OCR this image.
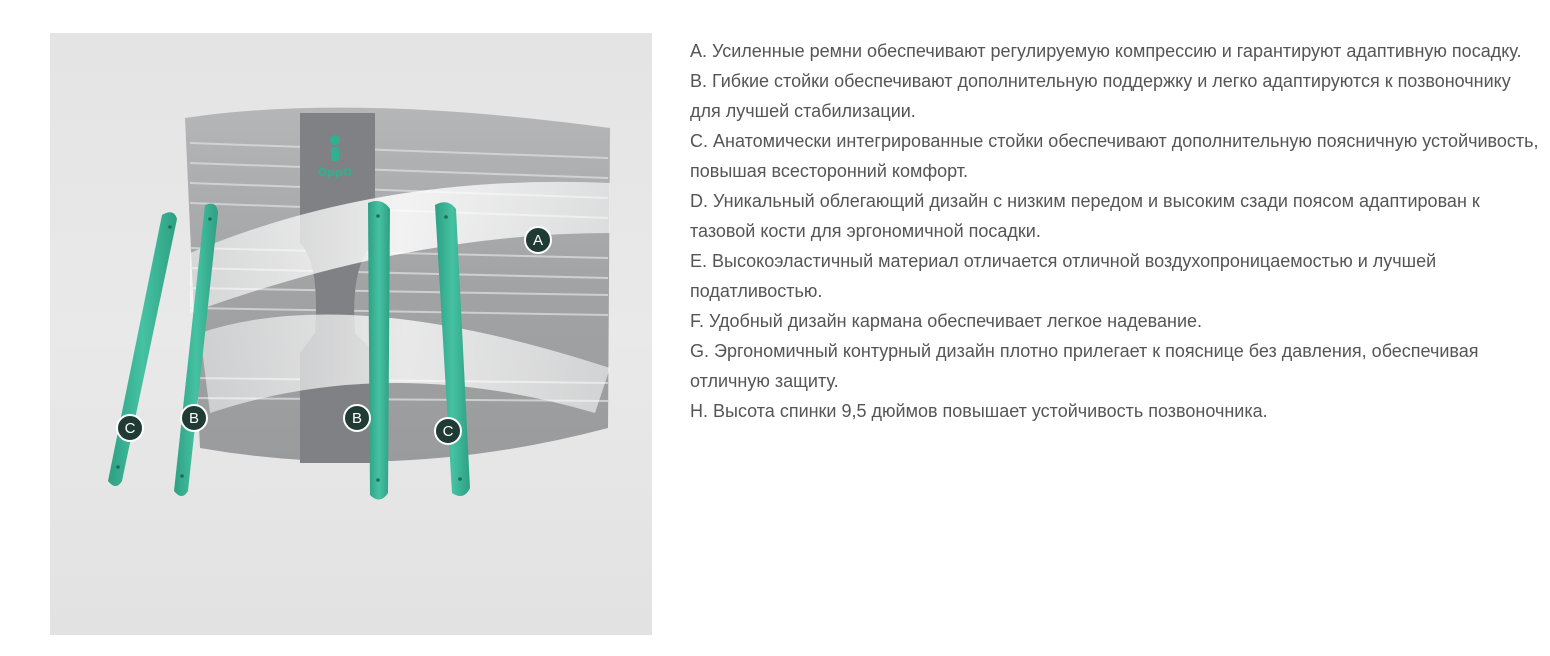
OppO
A
B
C
B
C

A. Усиленные ремни обеспечивают регулируемую компрессию и гарантируют адаптивную посадку.

B. Гибкие стойки обеспечивают дополнительную поддержку и легко адаптируются к позвоночнику для лучшей стабилизации.

C. Анатомически интегрированные стойки обеспечивают дополнительную поясничную устойчивость, повышая всесторонний комфорт.

D. Уникальный облегающий дизайн с низким передом и высоким сзади поясом адаптирован к тазовой кости для эргономичной посадки.

E. Высокоэластичный материал отличается отличной воздухопроницаемостью и лучшей податливостью.

F. Удобный дизайн кармана обеспечивает легкое надевание.

G. Эргономичный контурный дизайн плотно прилегает к пояснице без давления, обеспечивая отличную защиту.

H. Высота спинки 9,5 дюймов повышает устойчивость позвоночника.
